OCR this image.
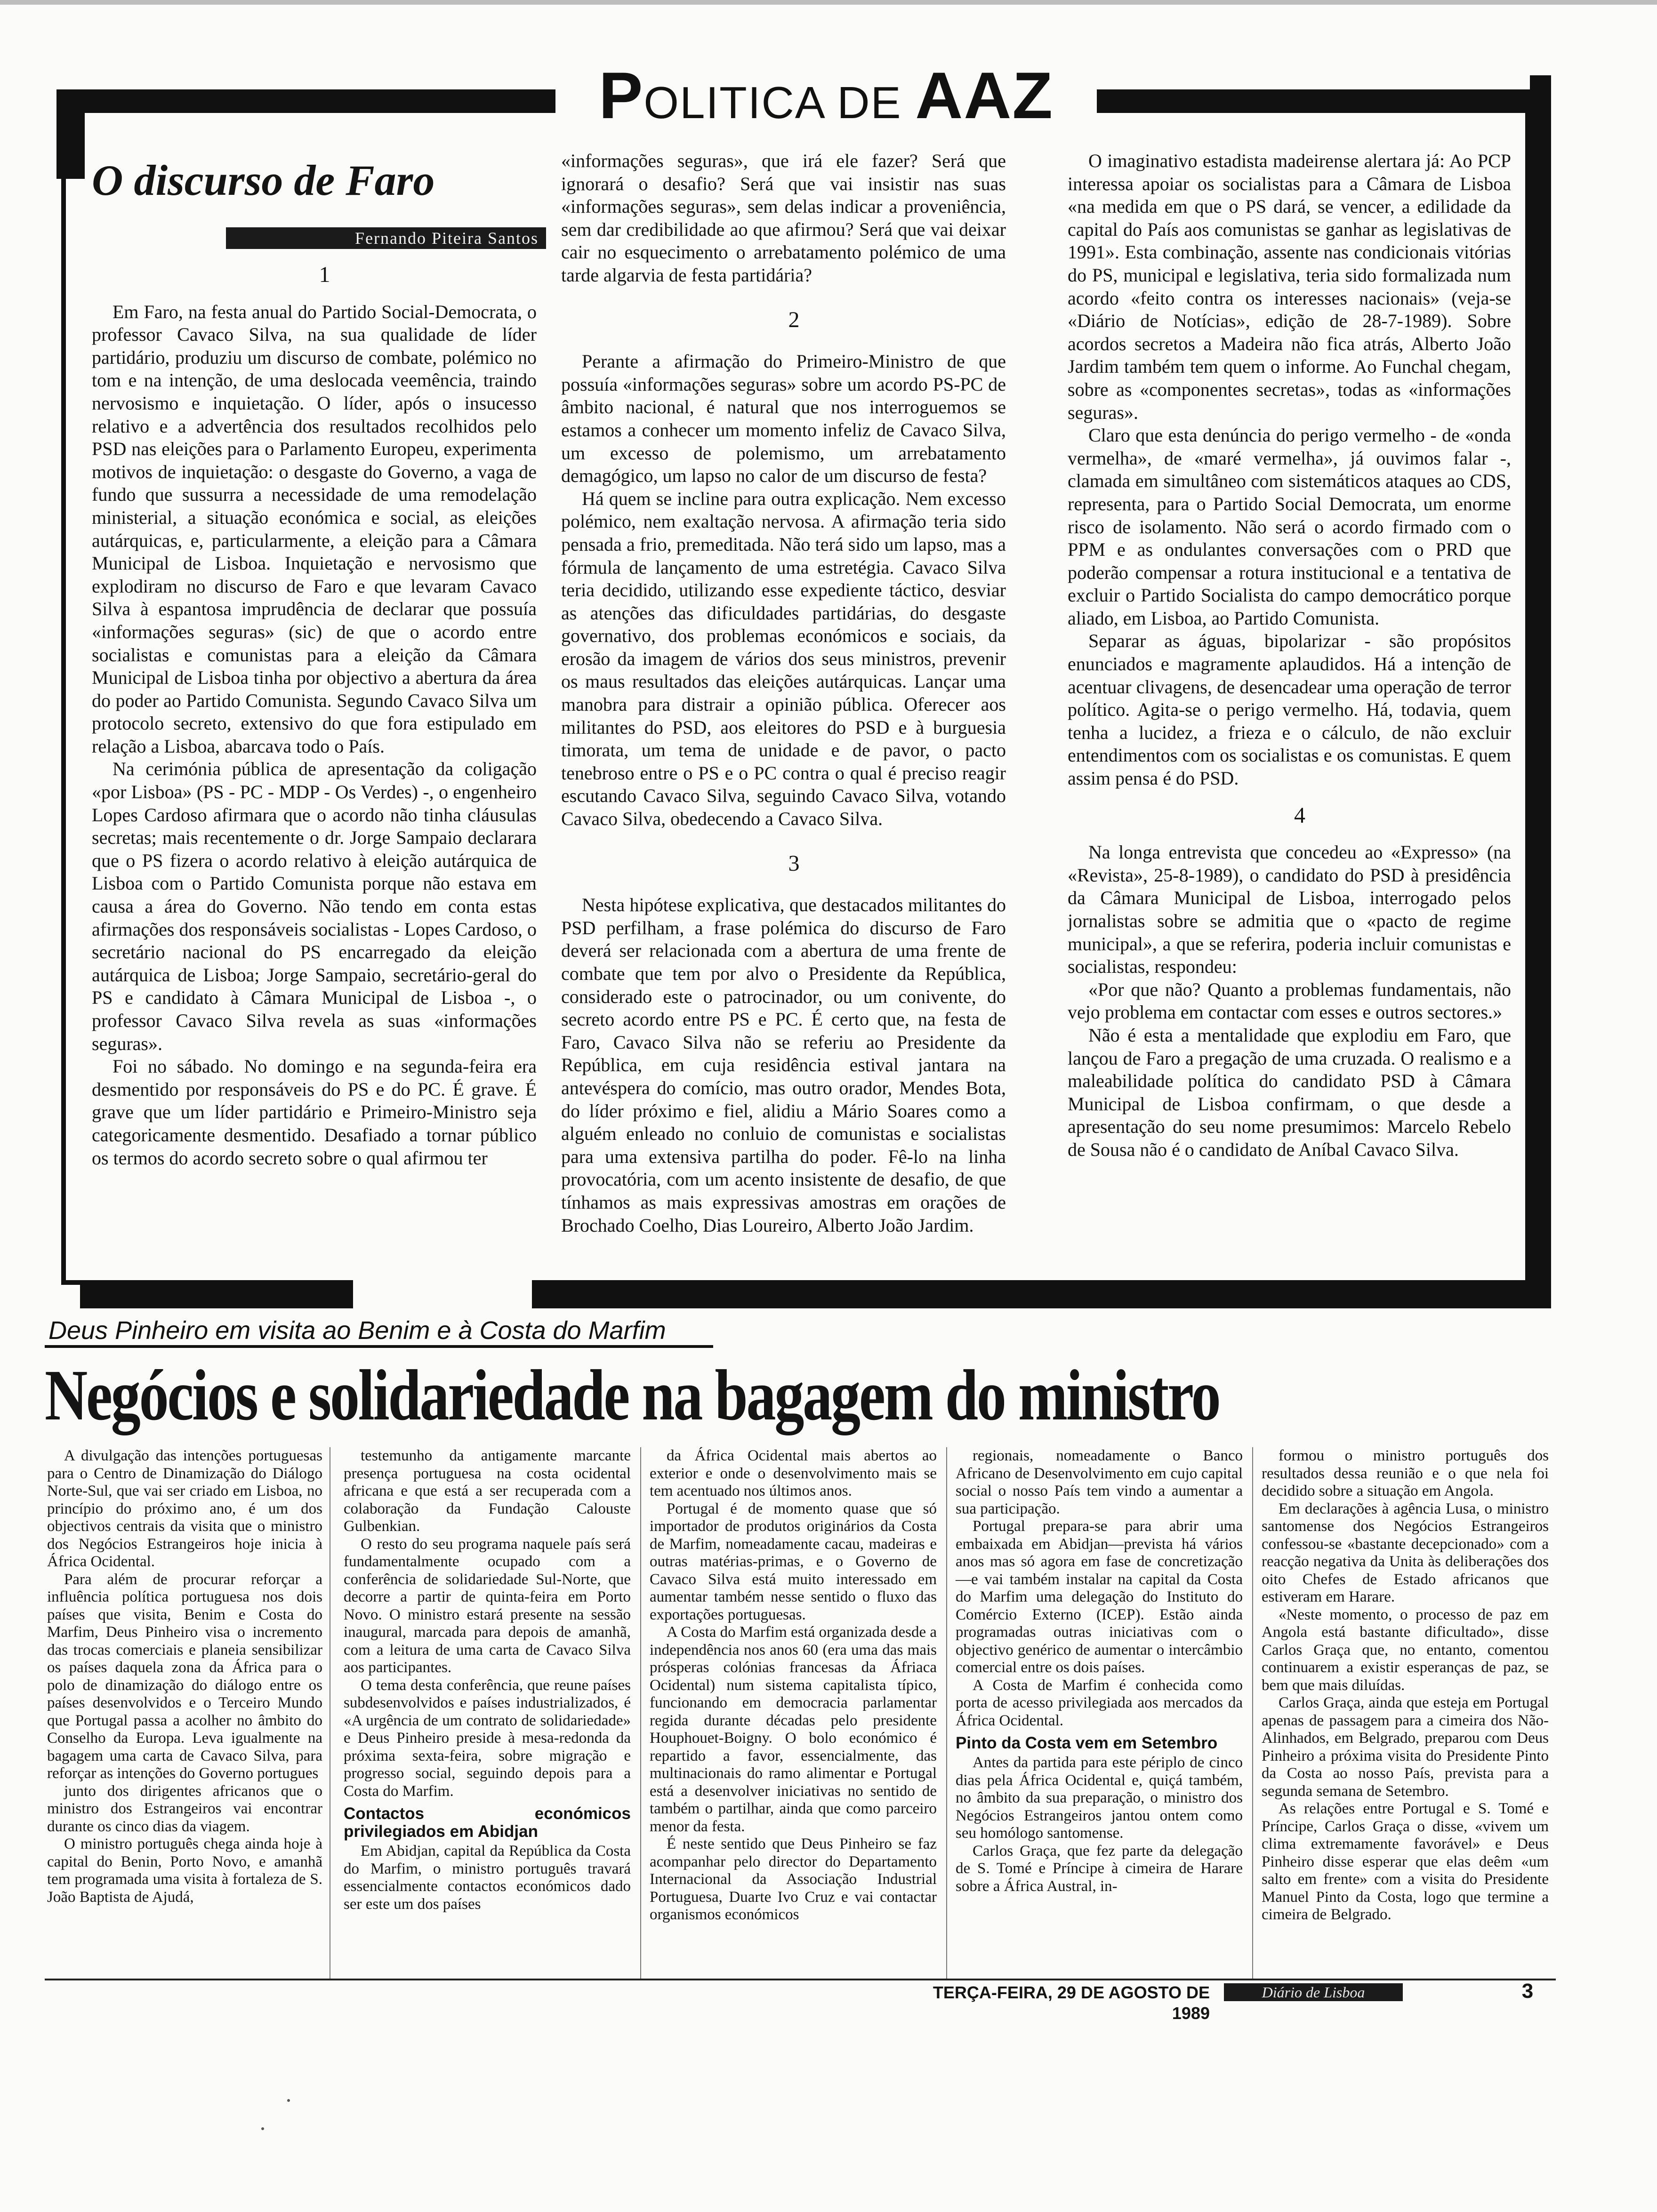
POLITICA DE AAZ
O discurso de Faro
Fernando Piteira Santos

1

Em Faro, na festa anual do Partido Social-Democrata, o professor Cavaco Silva, na sua qualidade de líder partidário, produziu um discurso de combate, polémico no tom e na intenção, de uma deslocada veemência, traindo nervosismo e inquietação. O líder, após o insucesso relativo e a advertência dos resultados recolhidos pelo PSD nas eleições para o Parlamento Europeu, experimenta motivos de inquietação: o desgaste do Governo, a vaga de fundo que sussurra a necessidade de uma remodelação ministerial, a situação económica e social, as eleições autárquicas, e, particularmente, a eleição para a Câmara Municipal de Lisboa. Inquietação e nervosismo que explodiram no discurso de Faro e que levaram Cavaco Silva à espantosa imprudência de declarar que possuía «informações seguras» (sic) de que o acordo entre socialistas e comunistas para a eleição da Câmara Municipal de Lisboa tinha por objectivo a abertura da área do poder ao Partido Comunista. Segundo Cavaco Silva um protocolo secreto, extensivo do que fora estipulado em relação a Lisboa, abarcava todo o País.

Na cerimónia pública de apresentação da coligação «por Lisboa» (PS - PC - MDP - Os Verdes) -, o engenheiro Lopes Cardoso afirmara que o acordo não tinha cláusulas secretas; mais recentemente o dr. Jorge Sampaio declarara que o PS fizera o acordo relativo à eleição autárquica de Lisboa com o Partido Comunista porque não estava em causa a área do Governo. Não tendo em conta estas afirmações dos responsáveis socialistas - Lopes Cardoso, o secretário nacional do PS encarregado da eleição autárquica de Lisboa; Jorge Sampaio, secretário-geral do PS e candidato à Câmara Municipal de Lisboa -, o professor Cavaco Silva revela as suas «informações seguras».

Foi no sábado. No domingo e na segunda-feira era desmentido por responsáveis do PS e do PC. É grave. É grave que um líder partidário e Primeiro-Ministro seja categoricamente desmentido. Desafiado a tornar público os termos do acordo secreto sobre o qual afirmou ter

«informações seguras», que irá ele fazer? Será que ignorará o desafio? Será que vai insistir nas suas «informações seguras», sem delas indicar a proveniência, sem dar credibilidade ao que afirmou? Será que vai deixar cair no esquecimento o arrebatamento polémico de uma tarde algarvia de festa partidária?

2

Perante a afirmação do Primeiro-Ministro de que possuía «informações seguras» sobre um acordo PS-PC de âmbito nacional, é natural que nos interroguemos se estamos a conhecer um momento infeliz de Cavaco Silva, um excesso de polemismo, um arrebatamento demagógico, um lapso no calor de um discurso de festa?

Há quem se incline para outra explicação. Nem excesso polémico, nem exaltação nervosa. A afirmação teria sido pensada a frio, premeditada. Não terá sido um lapso, mas a fórmula de lançamento de uma estretégia. Cavaco Silva teria decidido, utilizando esse expediente táctico, desviar as atenções das dificuldades partidárias, do desgaste governativo, dos problemas económicos e sociais, da erosão da imagem de vários dos seus ministros, prevenir os maus resultados das eleições autárquicas. Lançar uma manobra para distrair a opinião pública. Oferecer aos militantes do PSD, aos eleitores do PSD e à burguesia timorata, um tema de unidade e de pavor, o pacto tenebroso entre o PS e o PC contra o qual é preciso reagir escutando Cavaco Silva, seguindo Cavaco Silva, votando Cavaco Silva, obedecendo a Cavaco Silva.

3

Nesta hipótese explicativa, que destacados militantes do PSD perfilham, a frase polémica do discurso de Faro deverá ser relacionada com a abertura de uma frente de combate que tem por alvo o Presidente da República, considerado este o patrocinador, ou um conivente, do secreto acordo entre PS e PC. É certo que, na festa de Faro, Cavaco Silva não se referiu ao Presidente da República, em cuja residência estival jantara na antevéspera do comício, mas outro orador, Mendes Bota, do líder próximo e fiel, alidiu a Mário Soares como a alguém enleado no conluio de comunistas e socialistas para uma extensiva partilha do poder. Fê-lo na linha provocatória, com um acento insistente de desafio, de que tínhamos as mais expressivas amostras em orações de Brochado Coelho, Dias Loureiro, Alberto João Jardim.

O imaginativo estadista madeirense alertara já: Ao PCP interessa apoiar os socialistas para a Câmara de Lisboa «na medida em que o PS dará, se vencer, a edilidade da capital do País aos comunistas se ganhar as legislativas de 1991». Esta combinação, assente nas condicionais vitórias do PS, municipal e legislativa, teria sido formalizada num acordo «feito contra os interesses nacionais» (veja-se «Diário de Notícias», edição de 28-7-1989). Sobre acordos secretos a Madeira não fica atrás, Alberto João Jardim também tem quem o informe. Ao Funchal chegam, sobre as «componentes secretas», todas as «informações seguras».

Claro que esta denúncia do perigo vermelho - de «onda vermelha», de «maré vermelha», já ouvimos falar -, clamada em simultâneo com sistemáticos ataques ao CDS, representa, para o Partido Social Democrata, um enorme risco de isolamento. Não será o acordo firmado com o PPM e as ondulantes conversações com o PRD que poderão compensar a rotura institucional e a tentativa de excluir o Partido Socialista do campo democrático porque aliado, em Lisboa, ao Partido Comunista.

Separar as águas, bipolarizar - são propósitos enunciados e magramente aplaudidos. Há a intenção de acentuar clivagens, de desencadear uma operação de terror político. Agita-se o perigo vermelho. Há, todavia, quem tenha a lucidez, a frieza e o cálculo, de não excluir entendimentos com os socialistas e os comunistas. E quem assim pensa é do PSD.

4

Na longa entrevista que concedeu ao «Expresso» (na «Revista», 25-8-1989), o candidato do PSD à presidência da Câmara Municipal de Lisboa, interrogado pelos jornalistas sobre se admitia que o «pacto de regime municipal», a que se referira, poderia incluir comunistas e socialistas, respondeu:

«Por que não? Quanto a problemas fundamentais, não vejo problema em contactar com esses e outros sectores.»

Não é esta a mentalidade que explodiu em Faro, que lançou de Faro a pregação de uma cruzada. O realismo e a maleabilidade política do candidato PSD à Câmara Municipal de Lisboa confirmam, o que desde a apresentação do seu nome presumimos: Marcelo Rebelo de Sousa não é o candidato de Aníbal Cavaco Silva.

Deus Pinheiro em visita ao Benim e à Costa do Marfim
Negócios e solidariedade na bagagem do ministro

A divulgação das intenções portuguesas para o Centro de Dinamização do Diálogo Norte-Sul, que vai ser criado em Lisboa, no princípio do próximo ano, é um dos objectivos centrais da visita que o ministro dos Negócios Estrangeiros hoje inicia à África Ocidental.

Para além de procurar reforçar a influência política portuguesa nos dois países que visita, Benim e Costa do Marfim, Deus Pinheiro visa o incremento das trocas comerciais e planeia sensibilizar os países daquela zona da África para o polo de dinamização do diálogo entre os países desenvolvidos e o Terceiro Mundo que Portugal passa a acolher no âmbito do Conselho da Europa. Leva igualmente na bagagem uma carta de Cavaco Silva, para reforçar as intenções do Governo portugues

junto dos dirigentes africanos que o ministro dos Estrangeiros vai encontrar durante os cinco dias da viagem.

O ministro português chega ainda hoje à capital do Benin, Porto Novo, e amanhã tem programada uma visita à fortaleza de S. João Baptista de Ajudá,

testemunho da antigamente marcante presença portuguesa na costa ocidental africana e que está a ser recuperada com a colaboração da Fundação Calouste Gulbenkian.

O resto do seu programa naquele país será fundamentalmente ocupado com a conferência de solidariedade Sul-Norte, que decorre a partir de quinta-feira em Porto Novo. O ministro estará presente na sessão inaugural, marcada para depois de amanhã, com a leitura de uma carta de Cavaco Silva aos participantes.

O tema desta conferência, que reune países subdesenvolvidos e países industrializados, é «A urgência de um contrato de solidariedade» e Deus Pinheiro preside à mesa-redonda da próxima sexta-feira, sobre migração e progresso social, seguindo depois para a Costa do Marfim.

Contactos económicos privilegiados em Abidjan

Em Abidjan, capital da República da Costa do Marfim, o ministro português travará essencialmente contactos económicos dado ser este um dos países

da África Ocidental mais abertos ao exterior e onde o desenvolvimento mais se tem acentuado nos últimos anos.

Portugal é de momento quase que só importador de produtos originários da Costa de Marfim, nomeadamente cacau, madeiras e outras matérias-primas, e o Governo de Cavaco Silva está muito interessado em aumentar também nesse sentido o fluxo das exportações portuguesas.

A Costa do Marfim está organizada desde a independência nos anos 60 (era uma das mais prósperas colónias francesas da Áfriaca Ocidental) num sistema capitalista típico, funcionando em democracia parlamentar regida durante décadas pelo presidente Houphouet-Boigny. O bolo económico é repartido a favor, essencialmente, das multinacionais do ramo alimentar e Portugal está a desenvolver iniciativas no sentido de também o partilhar, ainda que como parceiro menor da festa.

É neste sentido que Deus Pinheiro se faz acompanhar pelo director do Departamento Internacional da Associação Industrial Portuguesa, Duarte Ivo Cruz e vai contactar organismos económicos

regionais, nomeadamente o Banco Africano de Desenvolvimento em cujo capital social o nosso País tem vindo a aumentar a sua participação.

Portugal prepara-se para abrir uma embaixada em Abidjan—prevista há vários anos mas só agora em fase de concretização—e vai também instalar na capital da Costa do Marfim uma delegação do Instituto do Comércio Externo (ICEP). Estão ainda programadas outras iniciativas com o objectivo genérico de aumentar o intercâmbio comercial entre os dois países.

A Costa de Marfim é conhecida como porta de acesso privilegiada aos mercados da África Ocidental.

Pinto da Costa vem em Setembro

Antes da partida para este périplo de cinco dias pela África Ocidental e, quiçá também, no âmbito da sua preparação, o ministro dos Negócios Estrangeiros jantou ontem como seu homólogo santomense.

Carlos Graça, que fez parte da delegação de S. Tomé e Príncipe à cimeira de Harare sobre a África Austral, in-

formou o ministro português dos resultados dessa reunião e o que nela foi decidido sobre a situação em Angola.

Em declarações à agência Lusa, o ministro santomense dos Negócios Estrangeiros confessou-se «bastante decepcionado» com a reacção negativa da Unita às deliberações dos oito Chefes de Estado africanos que estiveram em Harare.

«Neste momento, o processo de paz em Angola está bastante dificultado», disse Carlos Graça que, no entanto, comentou continuarem a existir esperanças de paz, se bem que mais diluídas.

Carlos Graça, ainda que esteja em Portugal apenas de passagem para a cimeira dos Não-Alinhados, em Belgrado, preparou com Deus Pinheiro a próxima visita do Presidente Pinto da Costa ao nosso País, prevista para a segunda semana de Setembro.

As relações entre Portugal e S. Tomé e Príncipe, Carlos Graça o disse, «vivem um clima extremamente favorável» e Deus Pinheiro disse esperar que elas deêm «um salto em frente» com a visita do Presidente Manuel Pinto da Costa, logo que termine a cimeira de Belgrado.

TERÇA-FEIRA, 29 DE AGOSTO DE 1989
Diário de Lisboa	3
